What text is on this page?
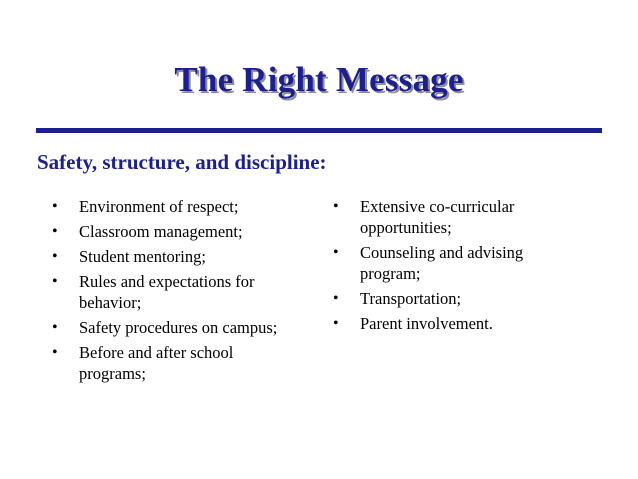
The Right Message
Safety, structure, and discipline:
•	Environment of respect;
•	Classroom management;
•	Student mentoring;
•	Rules and expectations for behavior;
•	Safety procedures on campus;
•	Before and after school programs;
•	Extensive co-curricular opportunities;
•	Counseling and advising program;
•	Transportation;
•	Parent involvement.
